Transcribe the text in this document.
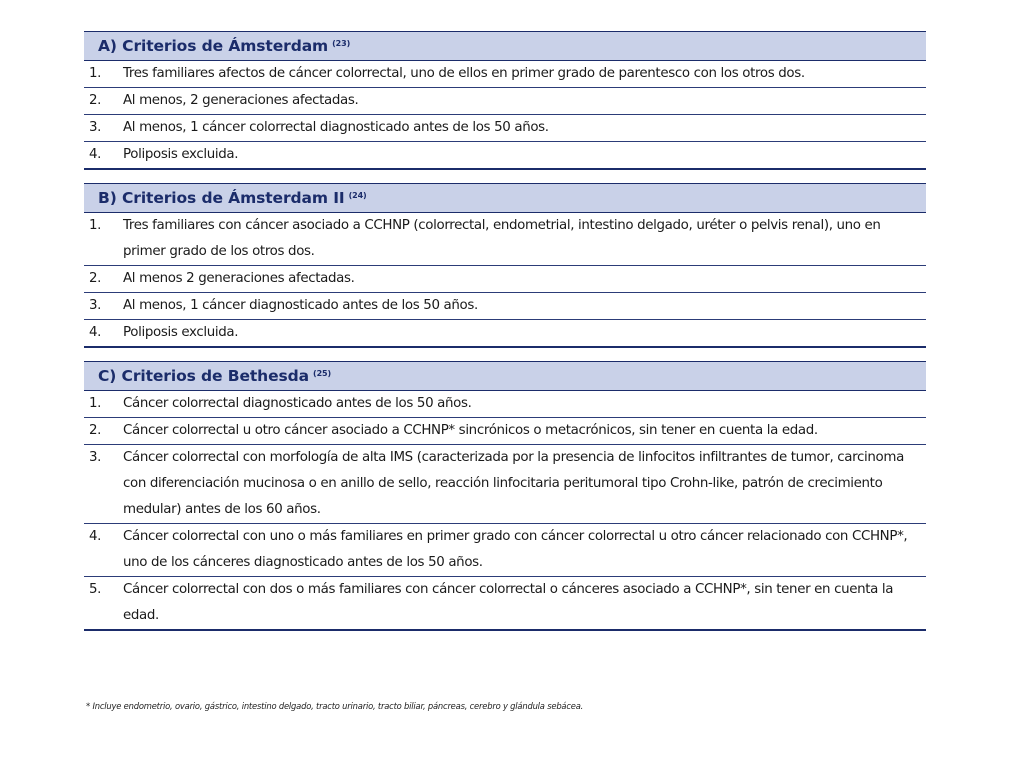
A) Criterios de Ámsterdam $^{(23)}$
1.	Tres familiares afectos de cáncer colorrectal, uno de ellos en primer grado de parentesco con los otros dos.
2.	Al menos, 2 generaciones afectadas.
3.	Al menos, 1 cáncer colorrectal diagnosticado antes de los 50 años.
4.	Poliposis excluida.
B) Criterios de Ámsterdam II $^{(24)}$
1.	Tres familiares con cáncer asociado a CCHNP (colorrectal, endometrial, intestino delgado, uréter o pelvis renal), uno en primer grado de los otros dos.
2.	Al menos 2 generaciones afectadas.
3.	Al menos, 1 cáncer diagnosticado antes de los 50 años.
4.	Poliposis excluida.
C) Criterios de Bethesda $^{(25)}$
1.	Cáncer colorrectal diagnosticado antes de los 50 años.
2.	Cáncer colorrectal u otro cáncer asociado a CCHNP* sincrónicos o metacrónicos, sin tener en cuenta la edad.
3.	Cáncer colorrectal con morfología de alta IMS (caracterizada por la presencia de linfocitos infiltrantes de tumor, carcinoma con diferenciación mucinosa o en anillo de sello, reacción linfocitaria peritumoral tipo Crohn-like, patrón de crecimiento medular) antes de los 60 años.
4.	Cáncer colorrectal con uno o más familiares en primer grado con cáncer colorrectal u otro cáncer relacionado con CCHNP*, uno de los cánceres diagnosticado antes de los 50 años.
5.	Cáncer colorrectal con dos o más familiares con cáncer colorrectal o cánceres asociado a CCHNP*, sin tener en cuenta la edad.
* Incluye endometrio, ovario, gástrico, intestino delgado, tracto urinario, tracto biliar, páncreas, cerebro y glándula sebácea.
